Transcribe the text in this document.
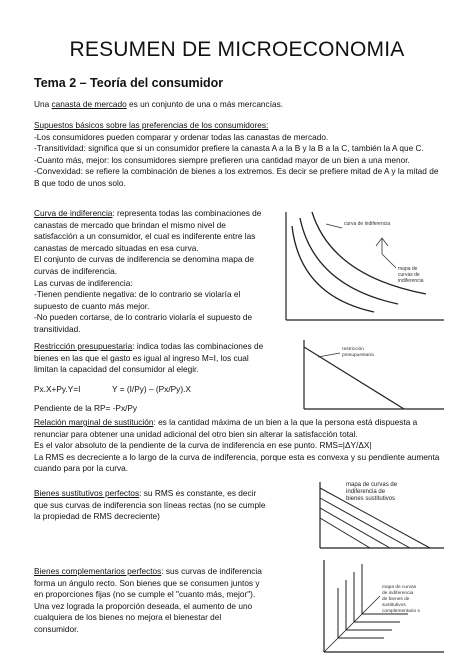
RESUMEN DE MICROECONOMIA
Tema 2 – Teoría del consumidor

Una canasta de mercado es un conjunto de una o más mercancías.

Supuestos básicos sobre las preferencias de los consumidores:
-Los consumidores pueden comparar y ordenar todas las canastas de mercado.
-Transitividad: significa que si un consumidor prefiere la canasta A a la B y la B a la C, también la A que C.
-Cuanto más, mejor: los consumidores siempre prefieren una cantidad mayor de un bien a una menor.
-Convexidad: se refiere la combinación de bienes a los extremos. Es decir se prefiere mitad de A y la mitad de B que todo de unos solo.

Curva de indiferencia: representa todas las combinaciones de canastas de mercado que brindan el mismo nivel de satisfacción a un consumidor, el cual es indiferente entre las canastas de mercado situadas en esa curva.
El conjunto de curvas de indiferencia se denomina mapa de curvas de indiferencia.
Las curvas de indiferencia:
-Tienen pendiente negativa: de lo contrario se violaría el supuesto de cuanto más mejor.
-No pueden cortarse, de lo contrario violaría el supuesto de transitividad.

curva de indiferencia
mapa de
curvas de
indiferencia

Restricción presupuestaria: indica todas las combinaciones de bienes en las que el gasto es igual al ingreso M=I, los cual limitan la capacidad del consumidor al elegir.

Px.X+Py.Y=I	Y = (I/Py) – (Px/Py).X

Pendiente de la RP= -Px/Py

restricción
presupuestaria

Relación marginal de sustitución: es la cantidad máxima de un bien a la que la persona está dispuesta a renunciar para obtener una unidad adicional del otro bien sin alterar la satisfacción total.
Es el valor absoluto de la pendiente de la curva de indiferencia en ese punto. RMS=|ΔY/ΔX|
La RMS es decreciente a lo largo de la curva de indiferencia, porque esta es convexa y su pendiente aumenta cuando para por la curva.

Bienes sustitutivos perfectos: su RMS es constante, es decir que sus curvas de indiferencia son líneas rectas (no se cumple la propiedad de RMS decreciente)

mapa de curvas de
indiferencia de
bienes sustitutivos

Bienes complementarios perfectos: sus curvas de indiferencia forma un ángulo recto. Son bienes que se consumen juntos y en proporciones fijas (no se cumple el "cuanto más, mejor"). Una vez lograda la proporción deseada, el aumento de uno cualquiera de los bienes no mejora el bienestar del consumidor.

mapa de curvas
de indiferencia
de bienes de
sustitutivos
complementario s
